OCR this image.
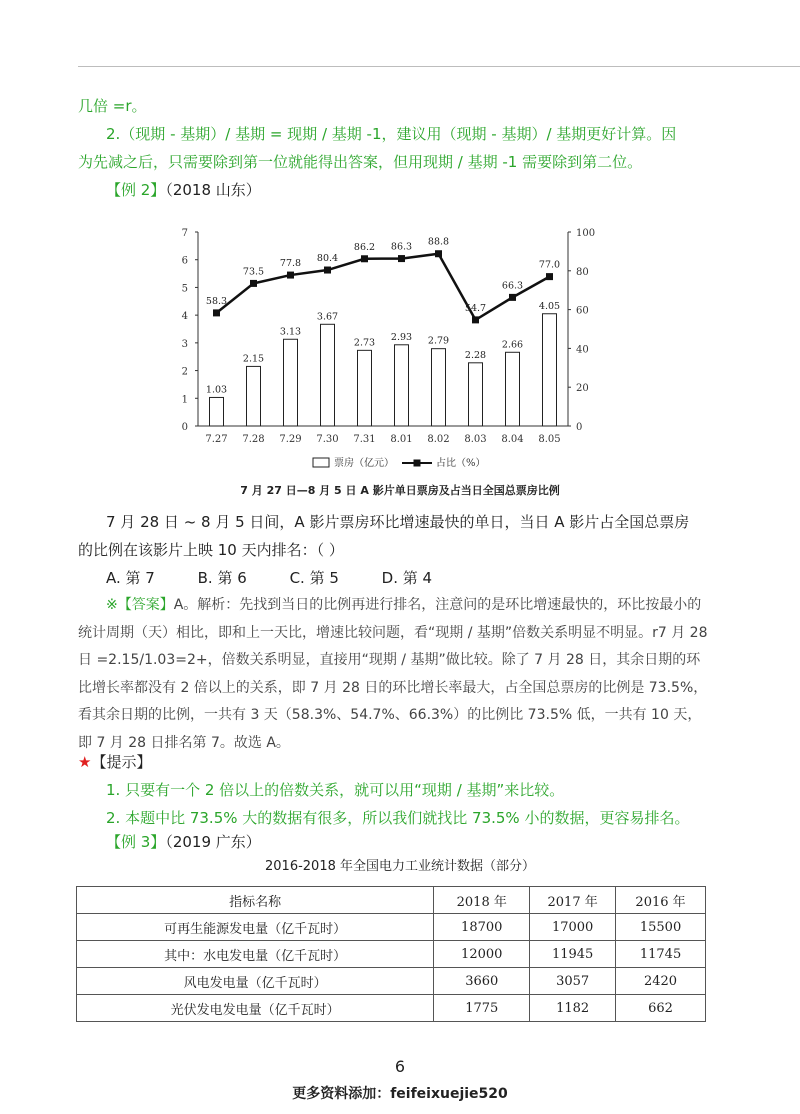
几倍 =r。

2.（现期 - 基期）/ 基期 = 现期 / 基期 -1，建议用（现期 - 基期）/ 基期更好计算。因

为先减之后，只需要除到第一位就能得出答案，但用现期 / 基期 -1 需要除到第二位。

【例 2】（2018 山东）

0
1
2
3
4
5
6
7
0
20
40
60
80
100
1.03
7.27
2.15
7.28
3.13
7.29
3.67
7.30
2.73
7.31
2.93
8.01
2.79
8.02
2.28
8.03
2.66
8.04
4.05
8.05
58.3
73.5
77.8 80.4
86.2 86.3 88.8
54.7
66.3
77.0
票房（亿元）	占比（%）
7 月 27 日—8 月 5 日 A 影片单日票房及占当日全国总票房比例
7 月 28 日 ~ 8 月 5 日间，A 影片票房环比增速最快的单日，当日 A 影片占全国总票房
的比例在该影片上映 10 天内排名：（ ）
A. 第 7	B. 第 6	C. 第 5	D. 第 4
※【答案】A。解析：先找到当日的比例再进行排名，注意问的是环比增速最快的，环比按最小的统计周期（天）相比，即和上一天比，增速比较问题，看“现期 / 基期”倍数关系明显不明显。r7 月 28 日 =2.15/1.03=2+，倍数关系明显，直接用“现期 / 基期”做比较。除了 7 月 28 日，其余日期的环比增长率都没有 2 倍以上的关系，即 7 月 28 日的环比增长率最大，占全国总票房的比例是 73.5%，看其余日期的比例，一共有 3 天（58.3%、54.7%、66.3%）的比例比 73.5% 低，一共有 10 天，即 7 月 28 日排名第 7。故选 A。
★【提示】
1. 只要有一个 2 倍以上的倍数关系，就可以用“现期 / 基期”来比较。
2. 本题中比 73.5% 大的数据有很多，所以我们就找比 73.5% 小的数据，更容易排名。

【例 3】（2019 广东）

2016-2018 年全国电力工业统计数据（部分）
指标名称	2018 年	2017 年	2016 年
可再生能源发电量（亿千瓦时）	18700	17000	15500
其中：水电发电量（亿千瓦时）	12000	11945	11745
风电发电量（亿千瓦时）	3660	3057	2420
光伏发电发电量（亿千瓦时）	1775	1182	662
6
更多资料添加：feifeixuejie520
